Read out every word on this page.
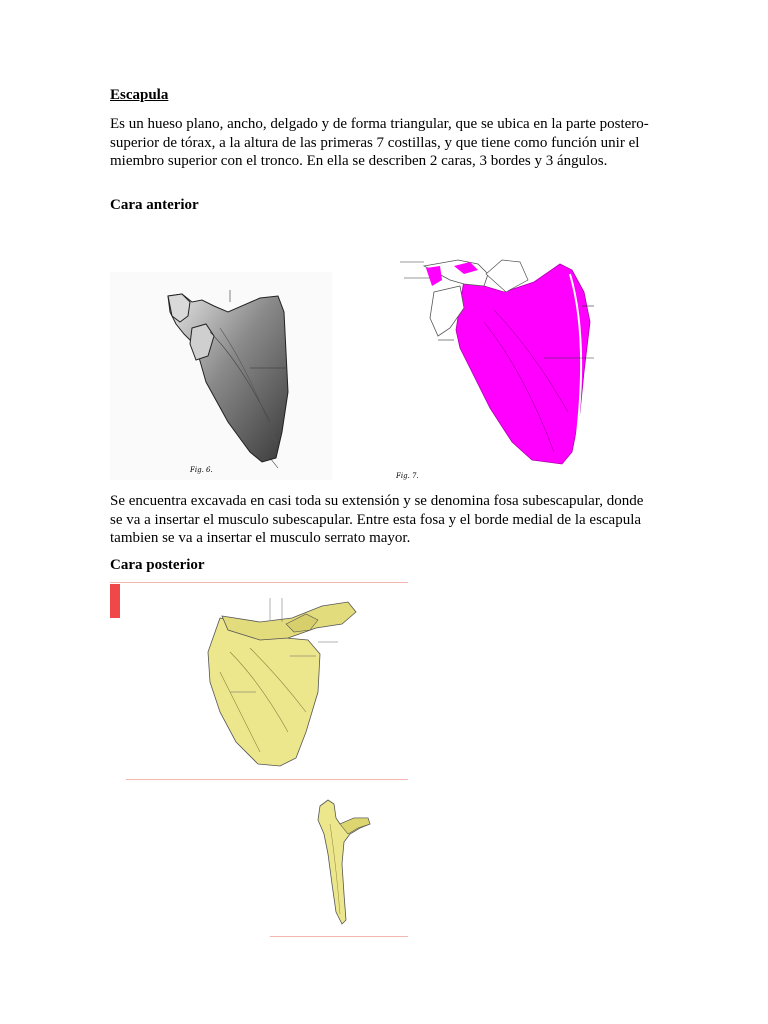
Escapula

Es un hueso plano, ancho, delgado y de forma triangular, que se ubica en la parte postero-superior de tórax, a la altura de las primeras 7 costillas, y que tiene como función unir el miembro superior con el tronco. En ella se describen 2 caras, 3 bordes y 3 ángulos.

Cara anterior

Fig. 6.
Fig. 7.

Se encuentra excavada en casi toda su extensión y se denomina fosa subescapular, donde se va a insertar el musculo subescapular. Entre esta fosa y el borde medial de la escapula tambien se va a insertar el musculo serrato mayor.

Cara posterior
